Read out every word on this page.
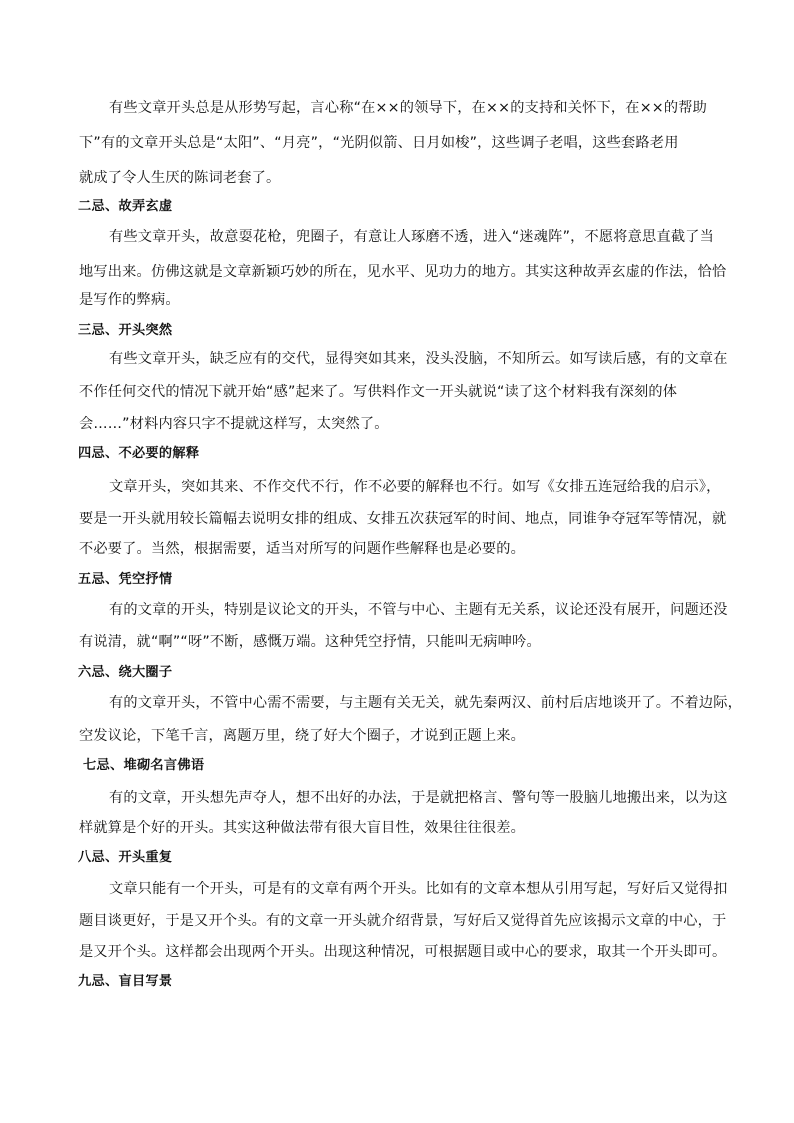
有些文章开头总是从形势写起，言心称“在××的领导下，在××的支持和关怀下，在××的帮助
下”有的文章开头总是“太阳”、“月亮”，“光阴似箭、日月如梭”，这些调子老唱，这些套路老用
就成了令人生厌的陈词老套了。
二忌、故弄玄虚
有些文章开头，故意耍花枪，兜圈子，有意让人琢磨不透，进入“迷魂阵”，不愿将意思直截了当
地写出来。仿佛这就是文章新颖巧妙的所在，见水平、见功力的地方。其实这种故弄玄虚的作法，恰恰
是写作的弊病。
三忌、开头突然
有些文章开头，缺乏应有的交代，显得突如其来，没头没脑，不知所云。如写读后感，有的文章在
不作任何交代的情况下就开始“感”起来了。写供料作文一开头就说“读了这个材料我有深刻的体
会……”材料内容只字不提就这样写，太突然了。
四忌、不必要的解释
文章开头，突如其来、不作交代不行，作不必要的解释也不行。如写《女排五连冠给我的启示》，
要是一开头就用较长篇幅去说明女排的组成、女排五次获冠军的时间、地点，同谁争夺冠军等情况，就
不必要了。当然，根据需要，适当对所写的问题作些解释也是必要的。
五忌、凭空抒情
有的文章的开头，特别是议论文的开头，不管与中心、主题有无关系，议论还没有展开，问题还没
有说清，就“啊”“呀”不断，感慨万端。这种凭空抒情，只能叫无病呻吟。
六忌、绕大圈子
有的文章开头，不管中心需不需要，与主题有关无关，就先秦两汉、前村后店地谈开了。不着边际，
空发议论，下笔千言，离题万里，绕了好大个圈子，才说到正题上来。
七忌、堆砌名言佛语
有的文章，开头想先声夺人，想不出好的办法，于是就把格言、警句等一股脑儿地搬出来，以为这
样就算是个好的开头。其实这种做法带有很大盲目性，效果往往很差。
八忌、开头重复
文章只能有一个开头，可是有的文章有两个开头。比如有的文章本想从引用写起，写好后又觉得扣
题目谈更好，于是又开个头。有的文章一开头就介绍背景，写好后又觉得首先应该揭示文章的中心，于
是又开个头。这样都会出现两个开头。出现这种情况，可根据题目或中心的要求，取其一个开头即可。
九忌、盲目写景
